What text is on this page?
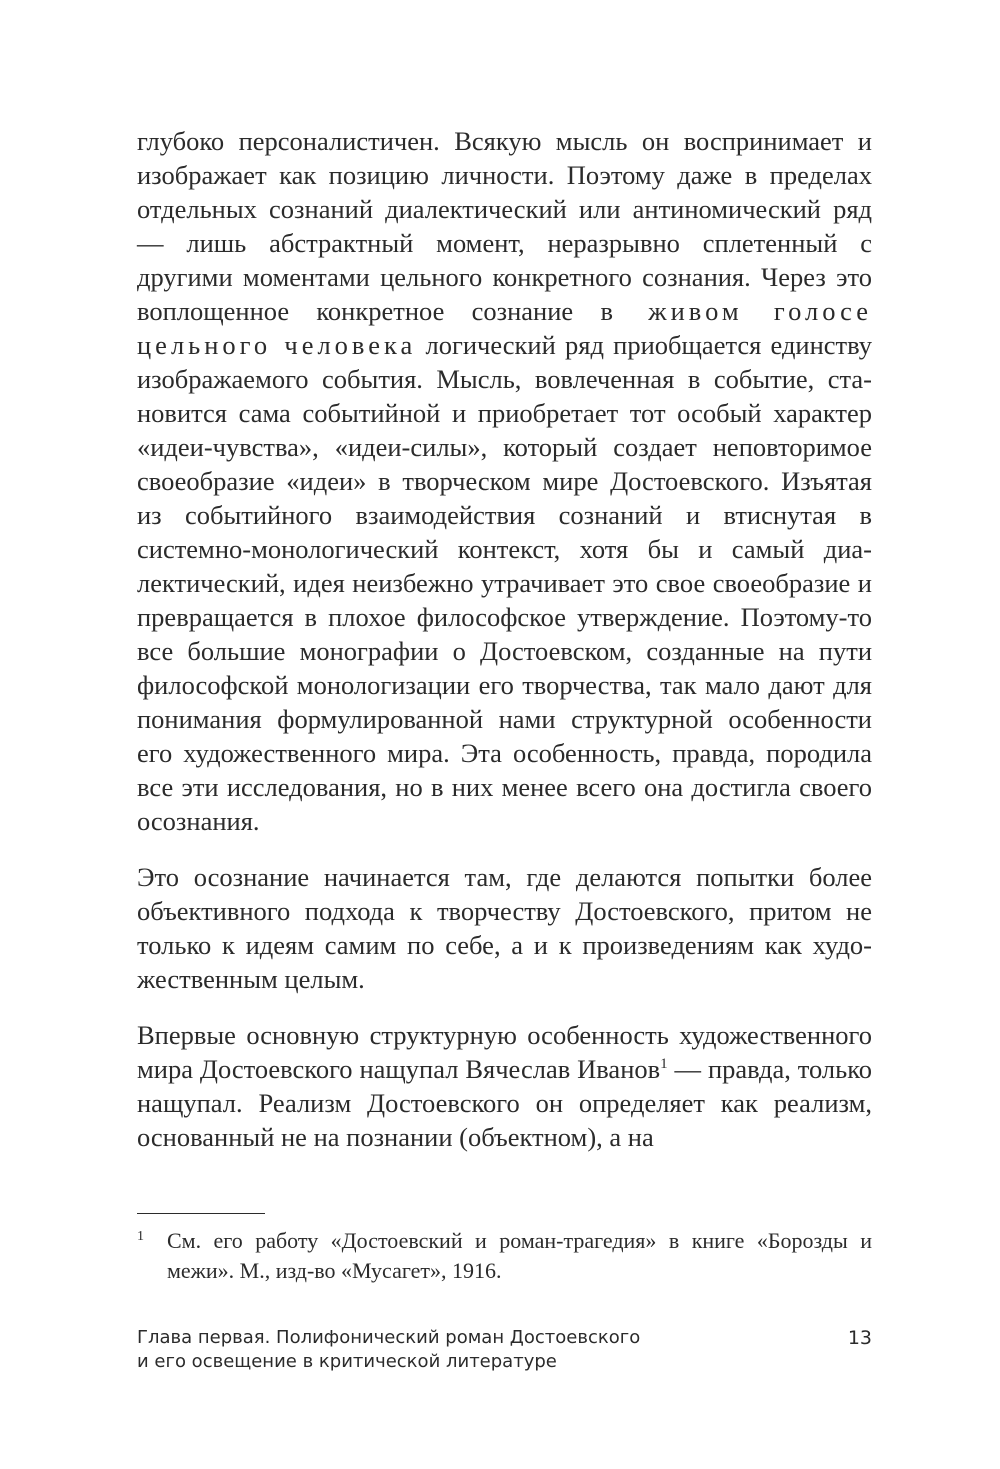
глубоко персоналистичен. Всякую мысль он воспринимает и изображает как позицию личности. Поэтому даже в пределах отдельных сознаний диалектический или антиномический ряд — лишь абстрактный момент, неразрывно сплетенный с другими моментами цельного конкретного сознания. Через это воплощенное конкретное сознание в живом голосе цельного человека логический ряд приобщается единству изображаемого события. Мысль, вовлеченная в событие, становится сама событийной и приобретает тот особый характер «идеи-чувства», «идеи-силы», который создает неповторимое своеобразие «идеи» в творческом мире Достоевского. Изъятая из событийного взаимодействия сознаний и втиснутая в системно-монологический контекст, хотя бы и самый диалектический, идея неизбежно утрачивает это свое своеобразие и превращается в плохое философское утверждение. Поэтому-то все большие монографии о Достоевском, созданные на пути философской монологизации его творчества, так мало дают для понимания формулированной нами структурной особенности его художественного мира. Эта особенность, правда, породила все эти исследования, но в них менее всего она достигла своего осознания.

Это осознание начинается там, где делаются попытки более объективного подхода к творчеству Достоевского, притом не только к идеям самим по себе, а и к произведениям как художественным целым.

Впервые основную структурную особенность художественного мира Достоевского нащупал Вячеслав Иванов$^1$ — правда, только нащупал. Реализм Достоевского он определяет как реализм, основанный не на познании (объектном), а на

1	См. его работу «Достоевский и роман-трагедия» в книге «Борозды и межи». М., изд-во «Мусагет», 1916.
Глава первая. Полифонический роман Достоевского
и его освещение в критической литературе
13
